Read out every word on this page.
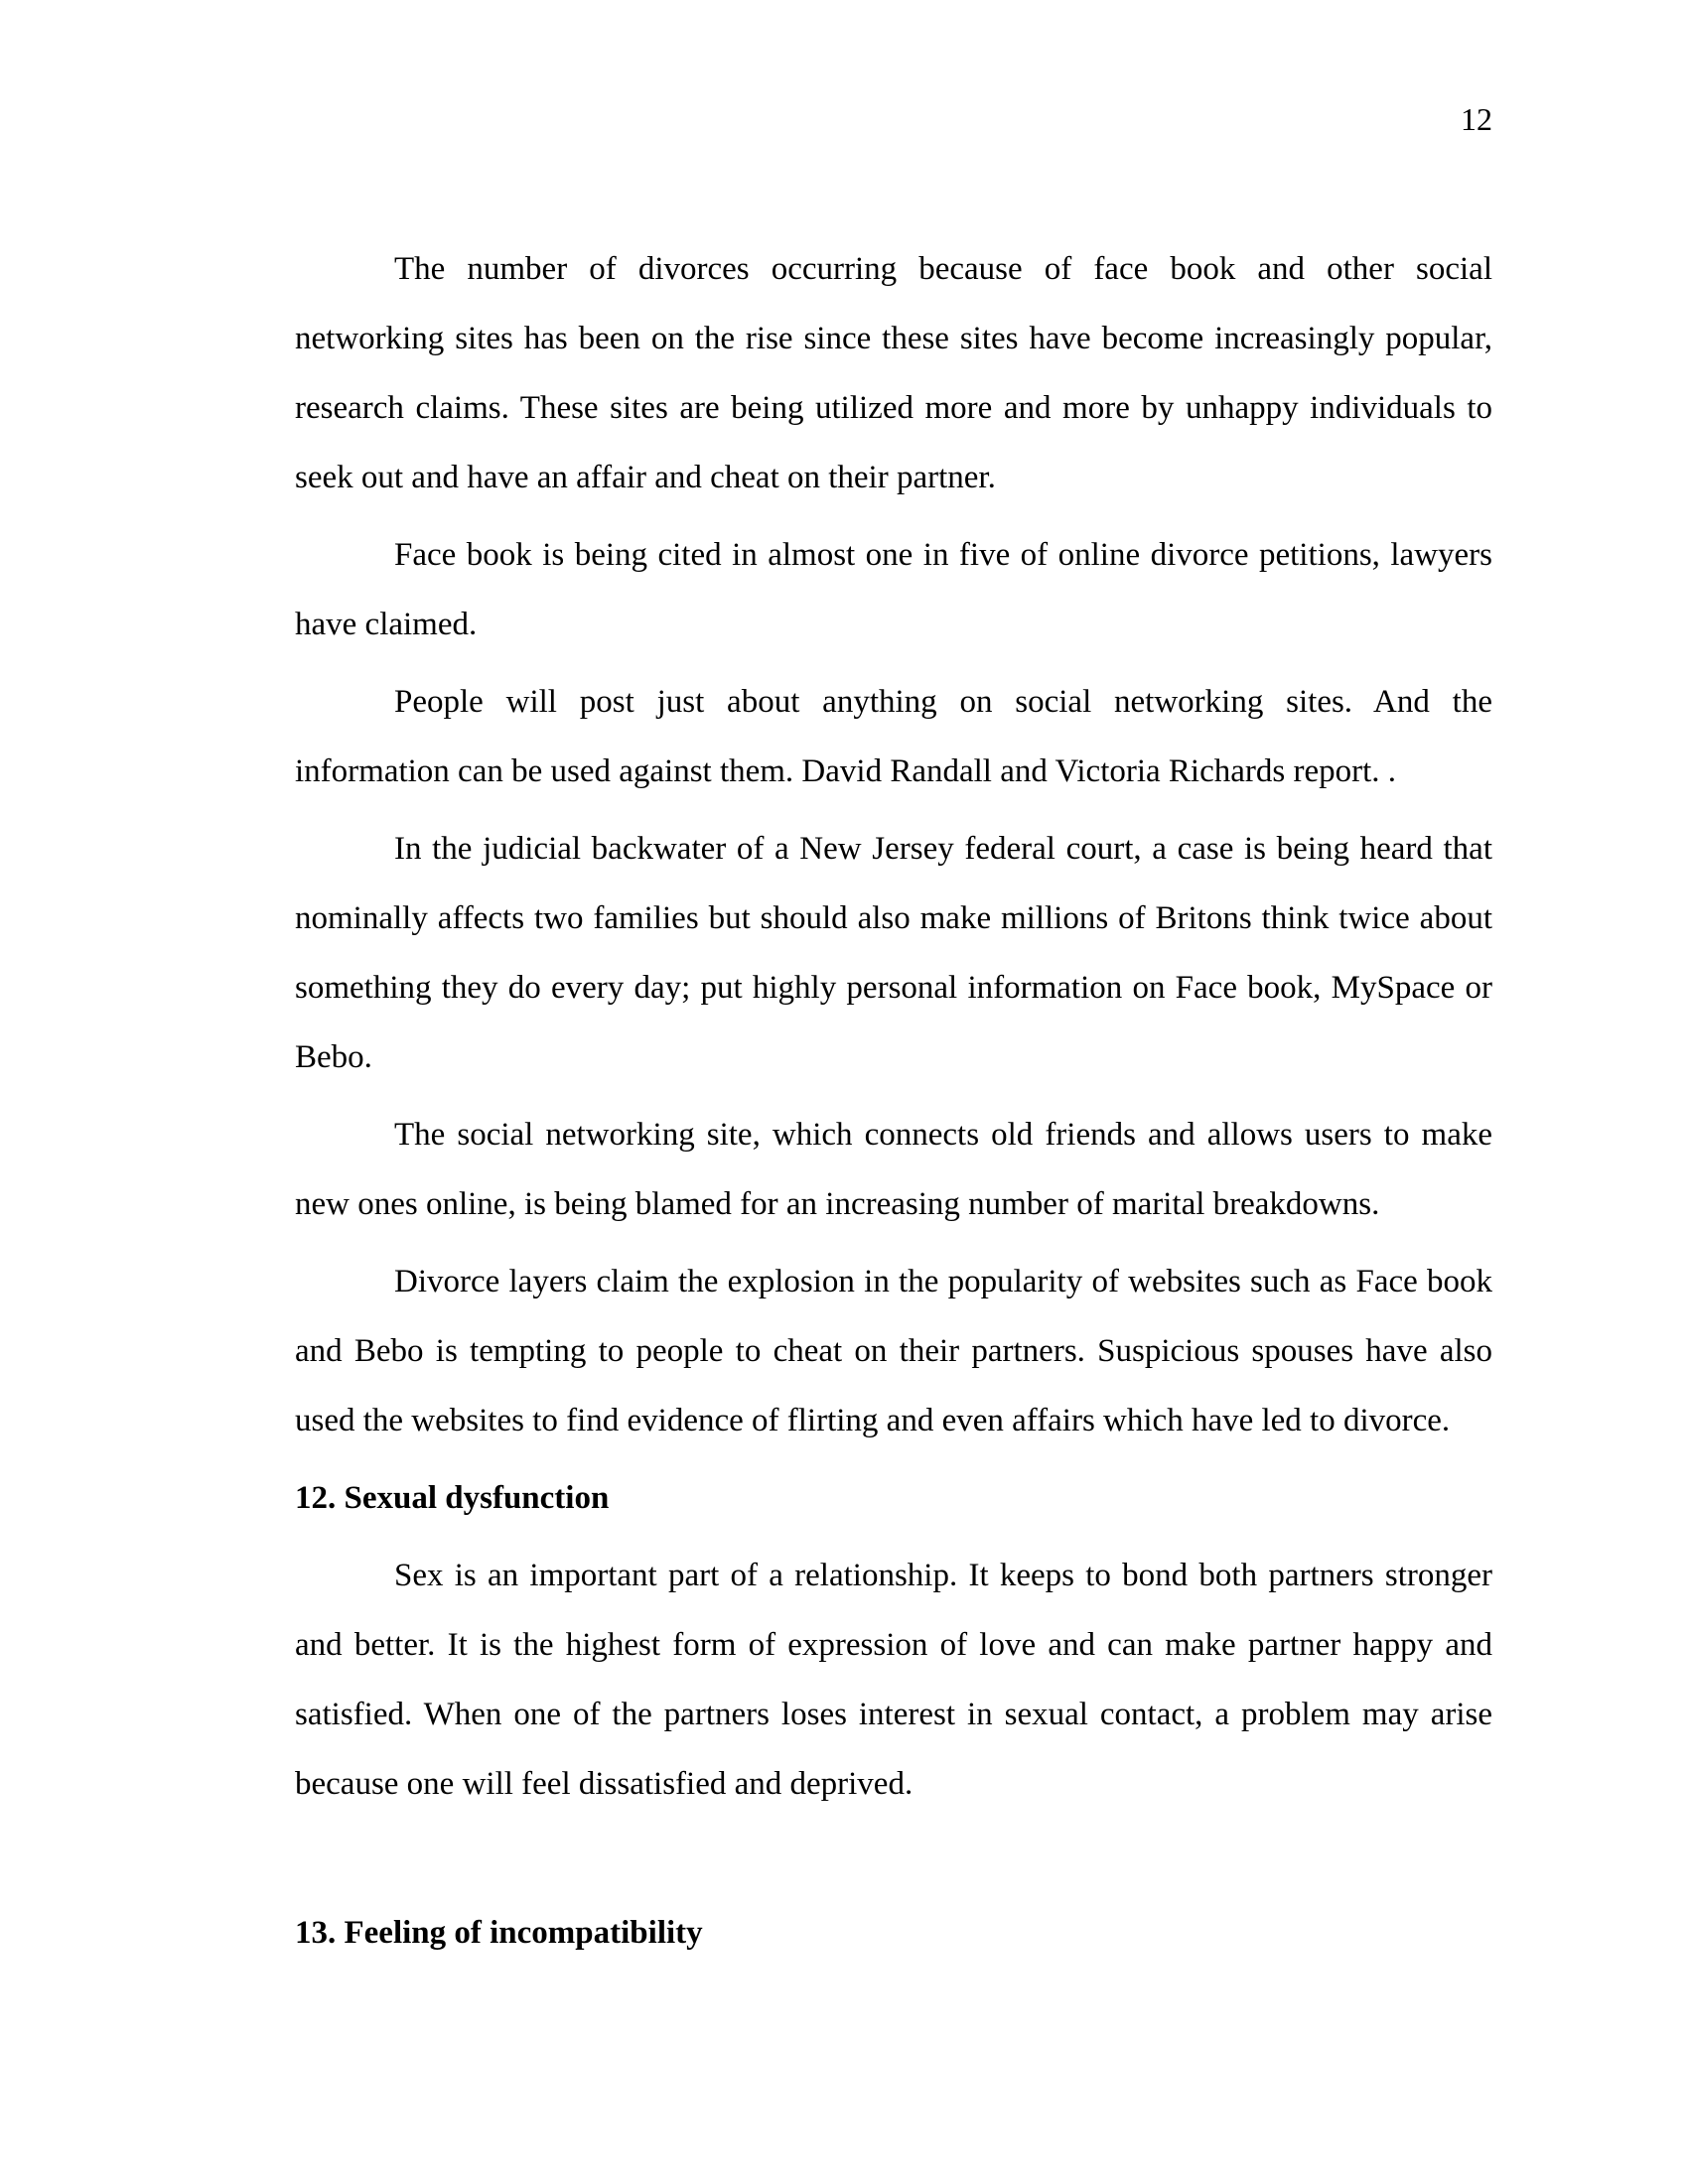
12

The number of divorces occurring because of face book and other social networking sites has been on the rise since these sites have become increasingly popular, research claims. These sites are being utilized more and more by unhappy individuals to seek out and have an affair and cheat on their partner.

Face book is being cited in almost one in five of online divorce petitions, lawyers have claimed.

People will post just about anything on social networking sites. And the information can be used against them. David Randall and Victoria Richards report. .

In the judicial backwater of a New Jersey federal court, a case is being heard that nominally affects two families but should also make millions of Britons think twice about something they do every day; put highly personal information on Face book, MySpace or Bebo.

The social networking site, which connects old friends and allows users to make new ones online, is being blamed for an increasing number of marital breakdowns.

Divorce layers claim the explosion in the popularity of websites such as Face book and Bebo is tempting to people to cheat on their partners. Suspicious spouses have also used the websites to find evidence of flirting and even affairs which have led to divorce.

12. Sexual dysfunction

Sex is an important part of a relationship. It keeps to bond both partners stronger and better. It is the highest form of expression of love and can make partner happy and satisfied. When one of the partners loses interest in sexual contact, a problem may arise because one will feel dissatisfied and deprived.

13. Feeling of incompatibility
